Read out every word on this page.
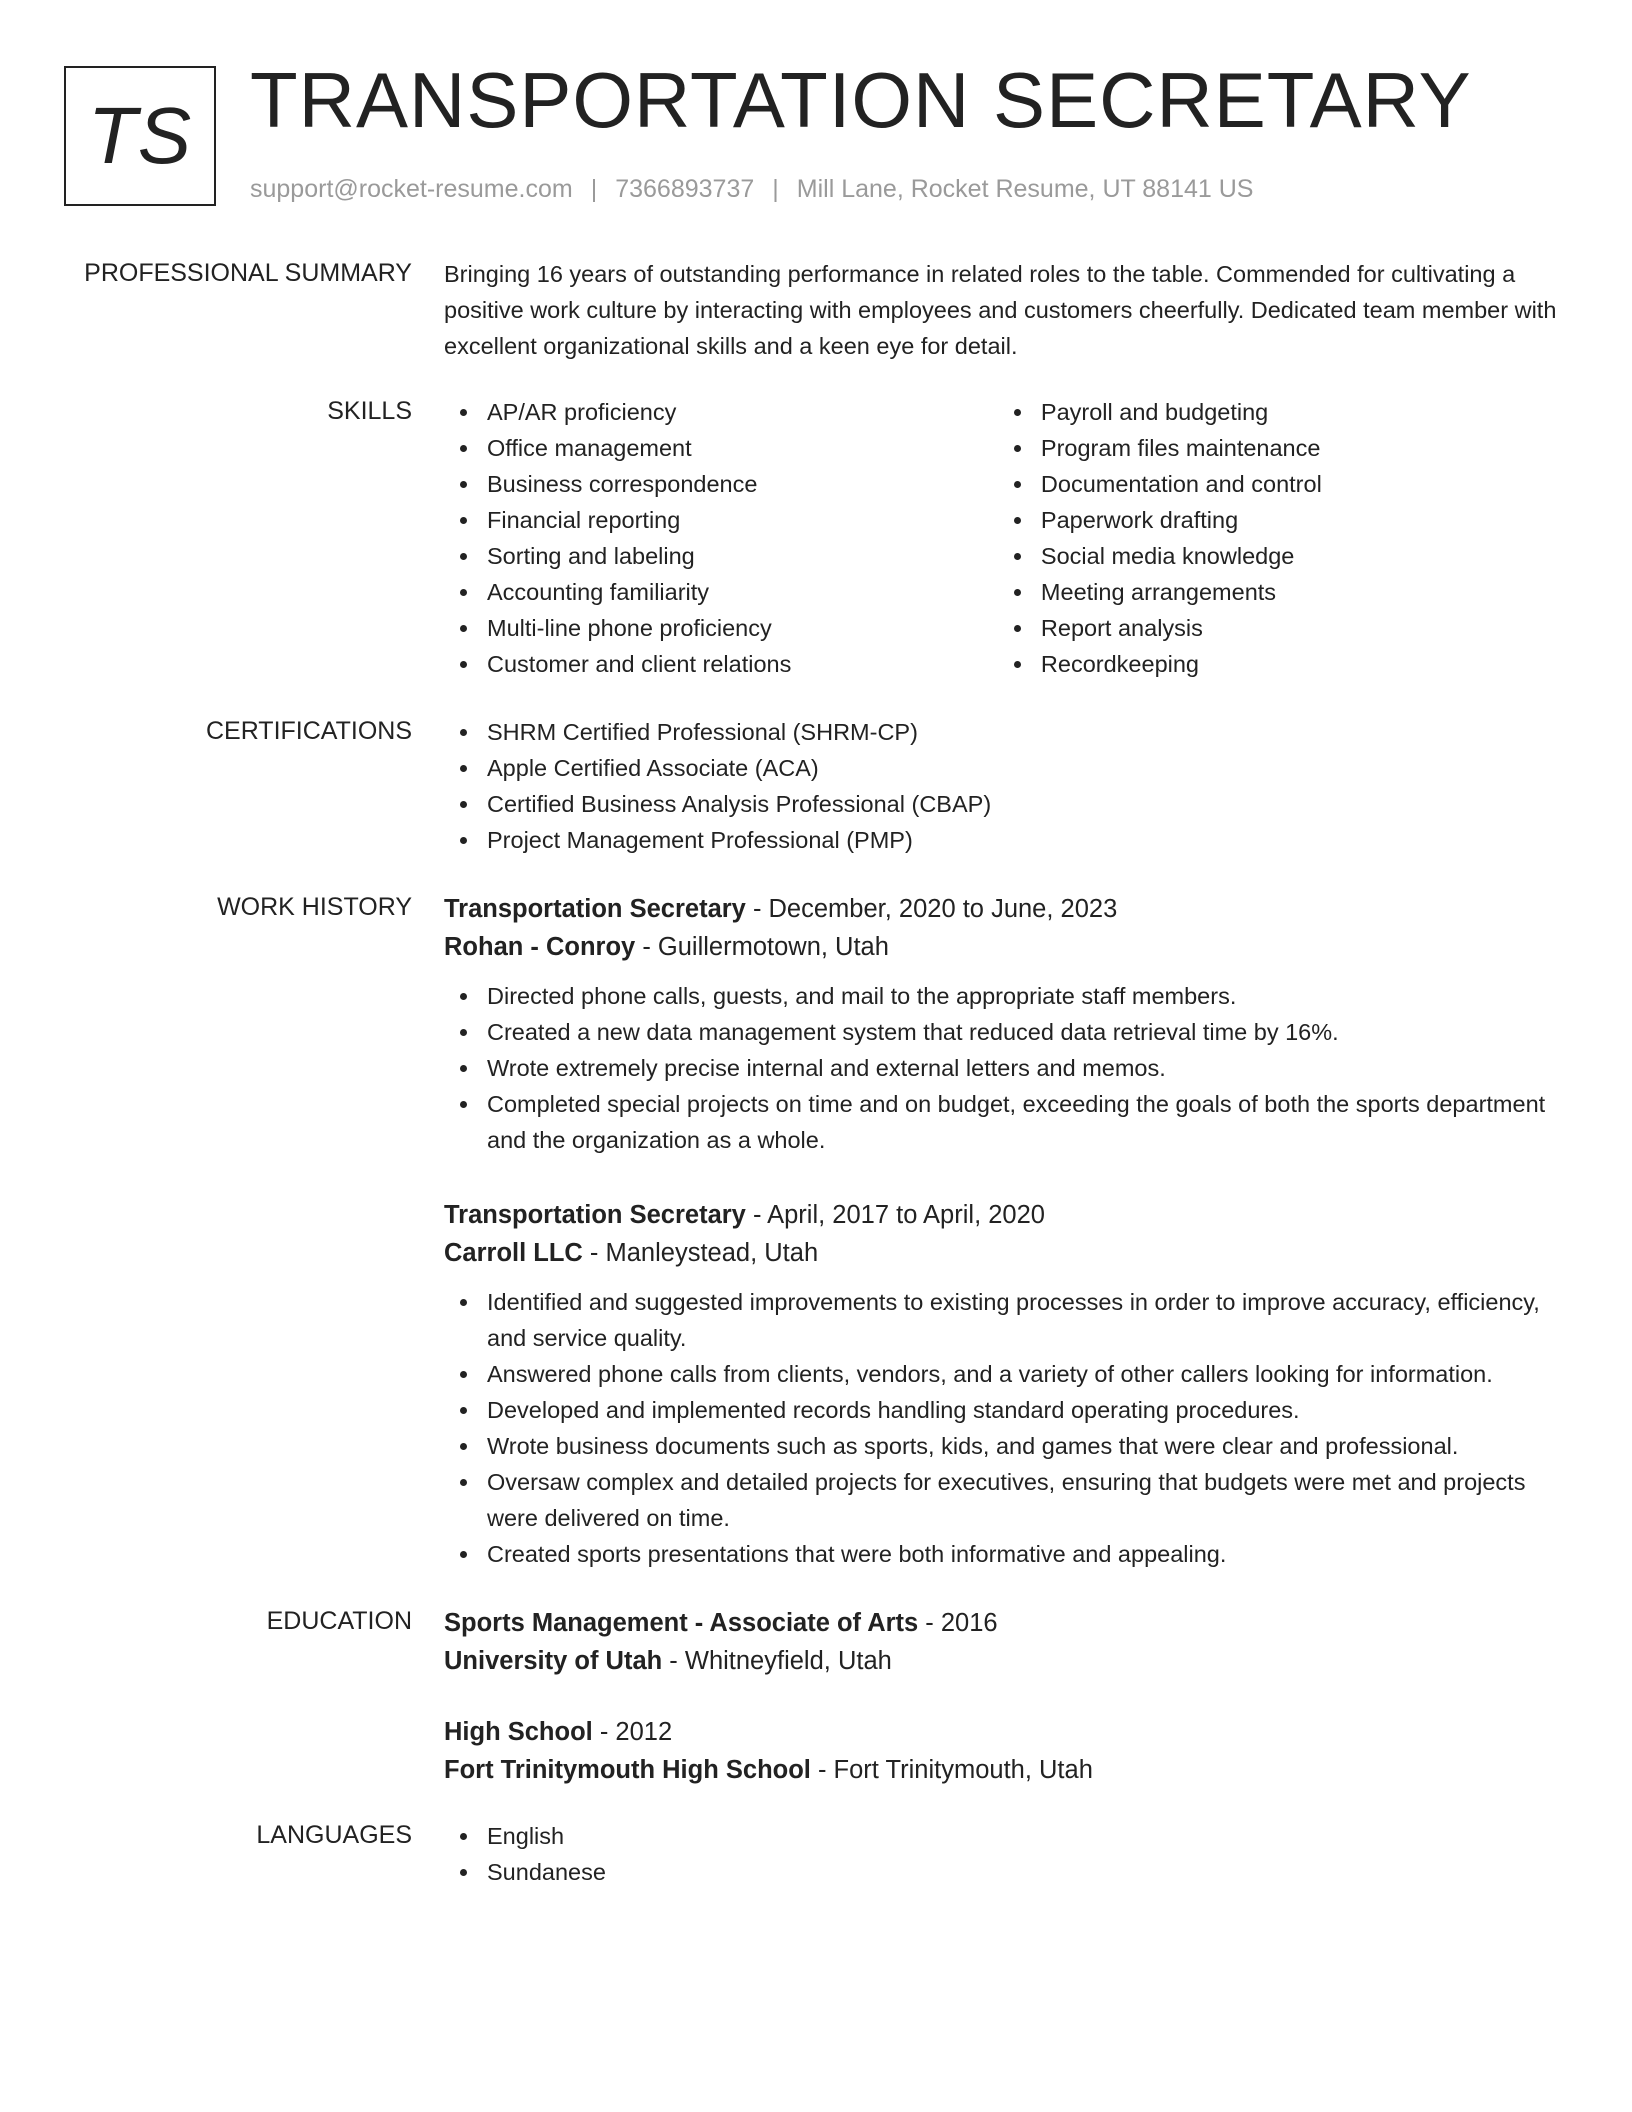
TS TRANSPORTATION SECRETARY
support@rocket-resume.com | 7366893737 | Mill Lane, Rocket Resume, UT 88141 US
PROFESSIONAL SUMMARY Bringing 16 years of outstanding performance in related roles to the table. Commended for cultivating a positive work culture by interacting with employees and customers cheerfully. Dedicated team member with excellent organizational skills and a keen eye for detail.

SKILLS	AP/AR proficiency
Office management
Business correspondence
Financial reporting
Sorting and labeling
Accounting familiarity
Multi-line phone proficiency
Customer and client relations
Payroll and budgeting
Program files maintenance
Documentation and control
Paperwork drafting
Social media knowledge
Meeting arrangements
Report analysis
Recordkeeping
CERTIFICATIONS	SHRM Certified Professional (SHRM-CP)
Apple Certified Associate (ACA)
Certified Business Analysis Professional (CBAP)
Project Management Professional (PMP)
WORK HISTORY Transportation Secretary - December, 2020 to June, 2023
Rohan - Conroy - Guillermotown, Utah
Directed phone calls, guests, and mail to the appropriate staff members.
Created a new data management system that reduced data retrieval time by 16%.
Wrote extremely precise internal and external letters and memos.
Completed special projects on time and on budget, exceeding the goals of both the sports department and the organization as a whole.
Transportation Secretary - April, 2017 to April, 2020
Carroll LLC - Manleystead, Utah
Identified and suggested improvements to existing processes in order to improve accuracy, efficiency, and service quality.
Answered phone calls from clients, vendors, and a variety of other callers looking for information.
Developed and implemented records handling standard operating procedures.
Wrote business documents such as sports, kids, and games that were clear and professional.
Oversaw complex and detailed projects for executives, ensuring that budgets were met and projects were delivered on time.
Created sports presentations that were both informative and appealing.
EDUCATION Sports Management - Associate of Arts - 2016
University of Utah - Whitneyfield, Utah
High School - 2012
Fort Trinitymouth High School - Fort Trinitymouth, Utah
LANGUAGES	English
Sundanese
